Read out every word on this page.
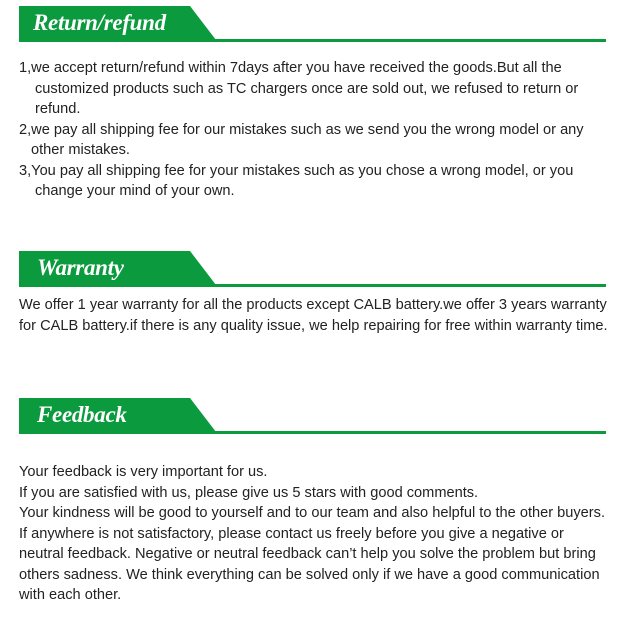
Return/refund

1,we accept return/refund within 7days after you have received the goods.But all the customized products such as TC chargers once are sold out, we refused to return or refund.

2,we pay all shipping fee for our mistakes such as we send you the wrong model or any other mistakes.

3,You pay all shipping fee for your mistakes such as you chose a wrong model, or you change your mind of your own.

Warranty

We offer 1 year warranty for all the products except CALB battery.we offer 3 years warranty for CALB battery.if there is any quality issue, we help repairing for free within warranty time.

Feedback

Your feedback is very important for us.

If you are satisfied with us, please give us 5 stars with good comments.

Your kindness will be good to yourself and to our team and also helpful to the other buyers.

If anywhere is not satisfactory, please contact us freely before you give a negative or neutral feedback. Negative or neutral feedback can’t help you solve the problem but bring others sadness. We think everything can be solved only if we have a good communication with each other.
